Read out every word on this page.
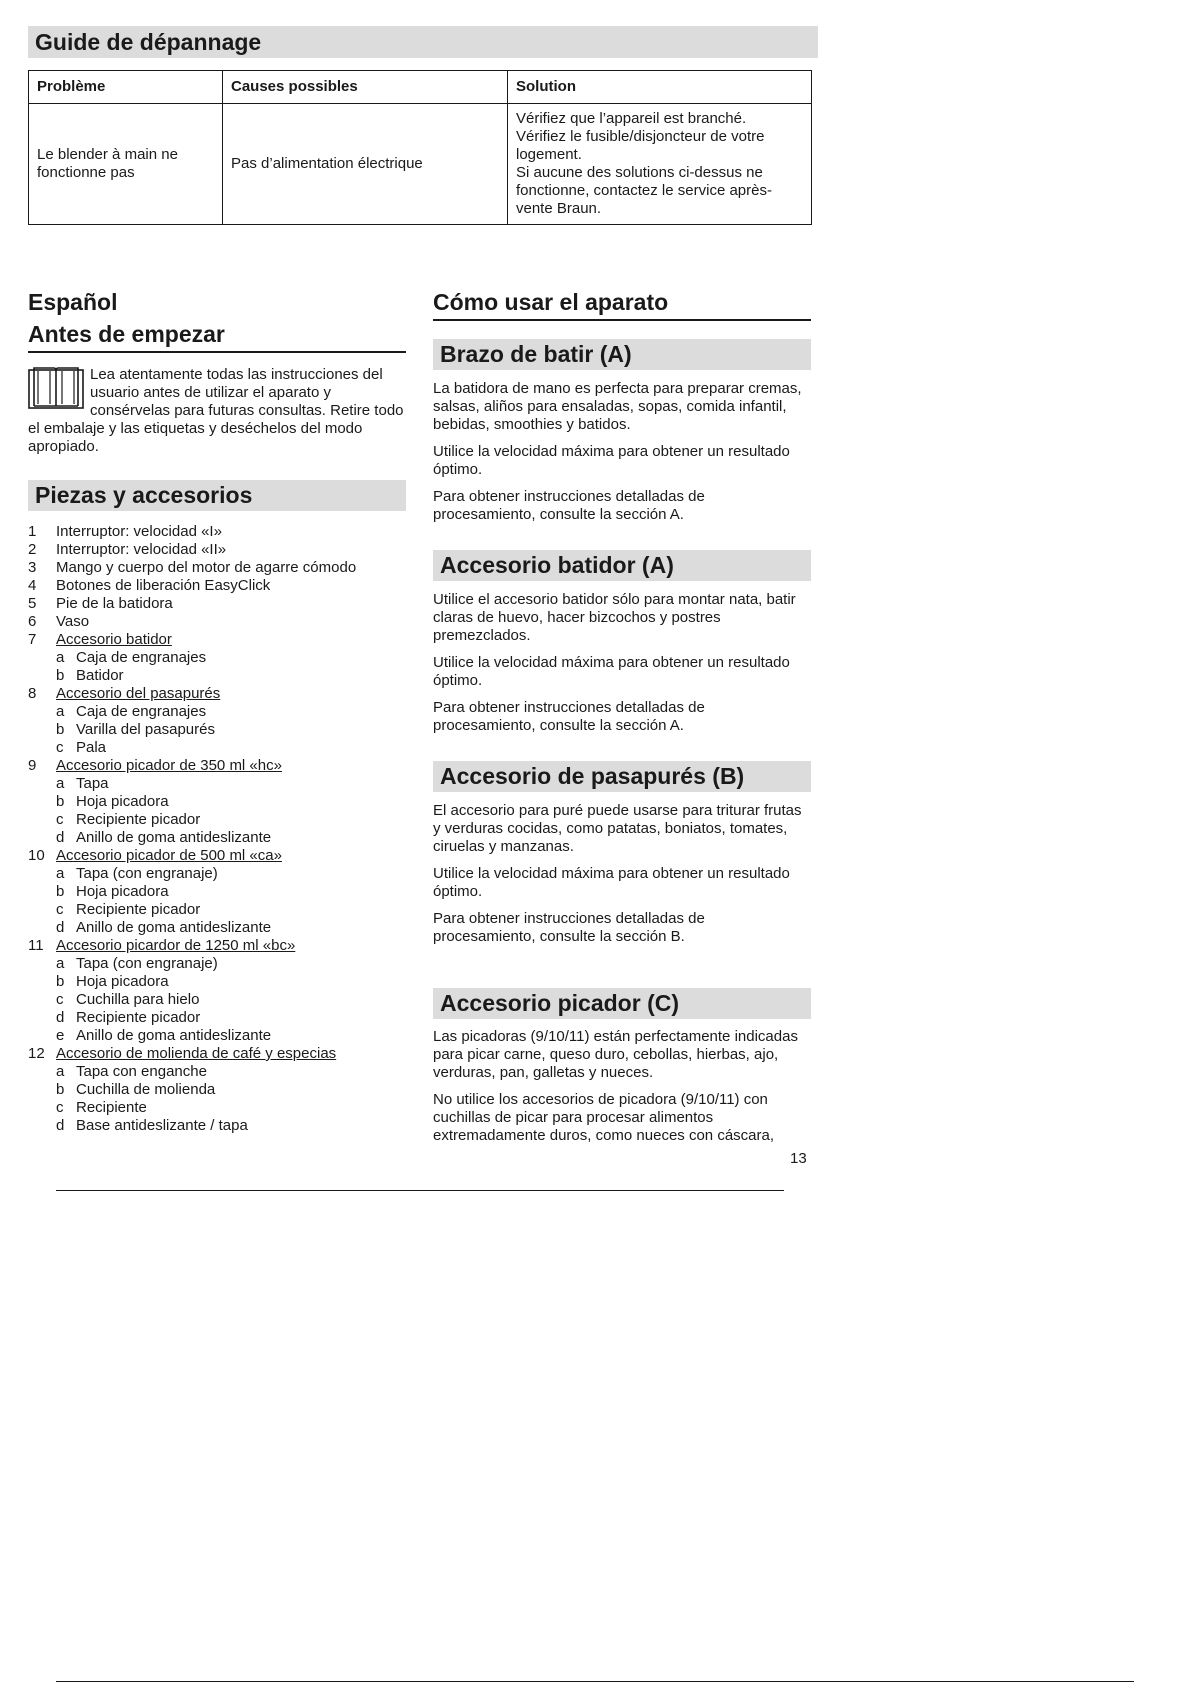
Guide de dépannage
Problème	Causes possibles	Solution
Le blender à main ne fonctionne pas	Pas d’alimentation électrique	Vérifiez que l’appareil est branché.
Vérifiez le fusible/disjoncteur de votre logement.
Si aucune des solutions ci-dessus ne fonctionne, contactez le service après-vente Braun.
Español
Antes de empezar
Lea atentamente todas las instrucciones del usuario antes de utilizar el aparato y consérvelas para futuras consultas. Retire todo el embalaje y las etiquetas y deséchelos del modo apropiado.
Piezas y accesorios
1	Interruptor: velocidad «I»
2	Interruptor: velocidad «II»
3	Mango y cuerpo del motor de agarre cómodo
4	Botones de liberación EasyClick
5	Pie de la batidora
6	Vaso
7	Accesorio batidor
a Caja de engranajes
b Batidor
8	Accesorio del pasapurés
a Caja de engranajes
b Varilla del pasapurés
c Pala
9	Accesorio picador de 350 ml «hc»
a Tapa
b Hoja picadora
c Recipiente picador
d Anillo de goma antideslizante
10 Accesorio picador de 500 ml «ca»
a Tapa (con engranaje)
b Hoja picadora
c Recipiente picador
d Anillo de goma antideslizante
11 Accesorio picardor de 1250 ml «bc»
a Tapa (con engranaje)
b Hoja picadora
c Cuchilla para hielo
d Recipiente picador
e Anillo de goma antideslizante
12 Accesorio de molienda de café y especias
a Tapa con enganche
b Cuchilla de molienda
c Recipiente
d Base antideslizante / tapa
Cómo usar el aparato
Brazo de batir (A)

La batidora de mano es perfecta para preparar cremas, salsas, aliños para ensaladas, sopas, comida infantil, bebidas, smoothies y batidos.

Utilice la velocidad máxima para obtener un resultado óptimo.

Para obtener instrucciones detalladas de procesamiento, consulte la sección A.

Accesorio batidor (A)

Utilice el accesorio batidor sólo para montar nata, batir claras de huevo, hacer bizcochos y postres premezclados.

Utilice la velocidad máxima para obtener un resultado óptimo.

Para obtener instrucciones detalladas de procesamiento, consulte la sección A.

Accesorio de pasapurés (B)

El accesorio para puré puede usarse para triturar frutas y verduras cocidas, como patatas, boniatos, tomates, ciruelas y manzanas.

Utilice la velocidad máxima para obtener un resultado óptimo.

Para obtener instrucciones detalladas de procesamiento, consulte la sección B.

Accesorio picador (C)

Las picadoras (9/10/11) están perfectamente indicadas para picar carne, queso duro, cebollas, hierbas, ajo, verduras, pan, galletas y nueces.

No utilice los accesorios de picadora (9/10/11) con cuchillas de picar para procesar alimentos extremadamente duros, como nueces con cáscara,

13
